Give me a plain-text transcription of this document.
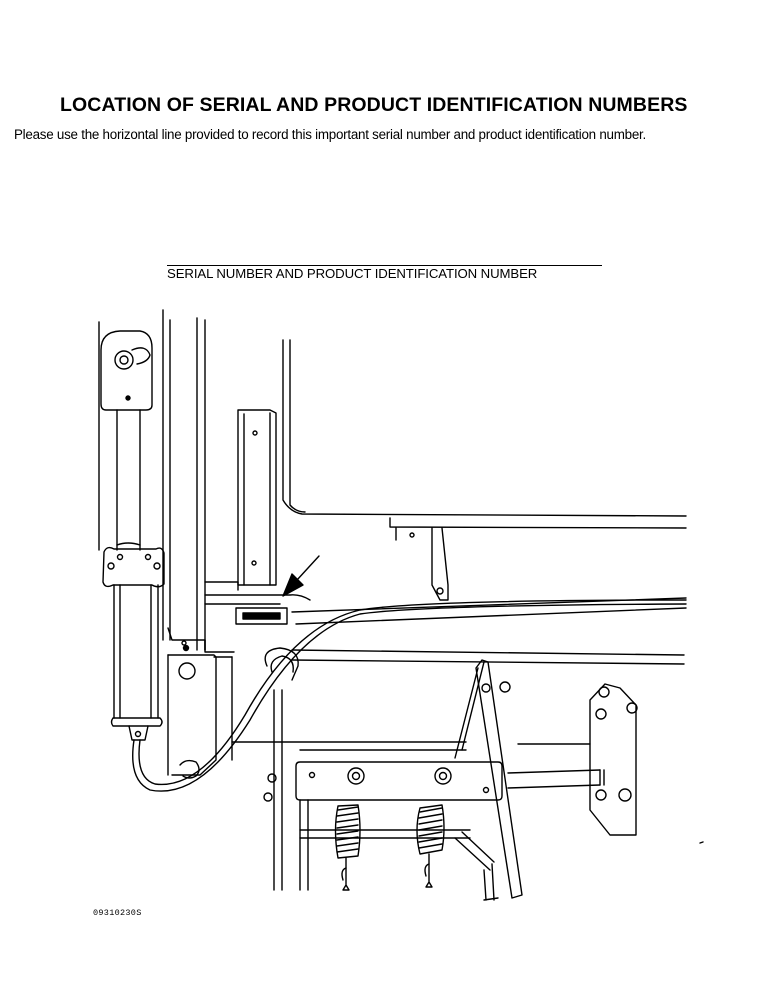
LOCATION OF SERIAL AND PRODUCT IDENTIFICATION NUMBERS
Please use the horizontal line provided to record this important serial number and product identification number.
SERIAL NUMBER AND PRODUCT IDENTIFICATION NUMBER
09310230S
